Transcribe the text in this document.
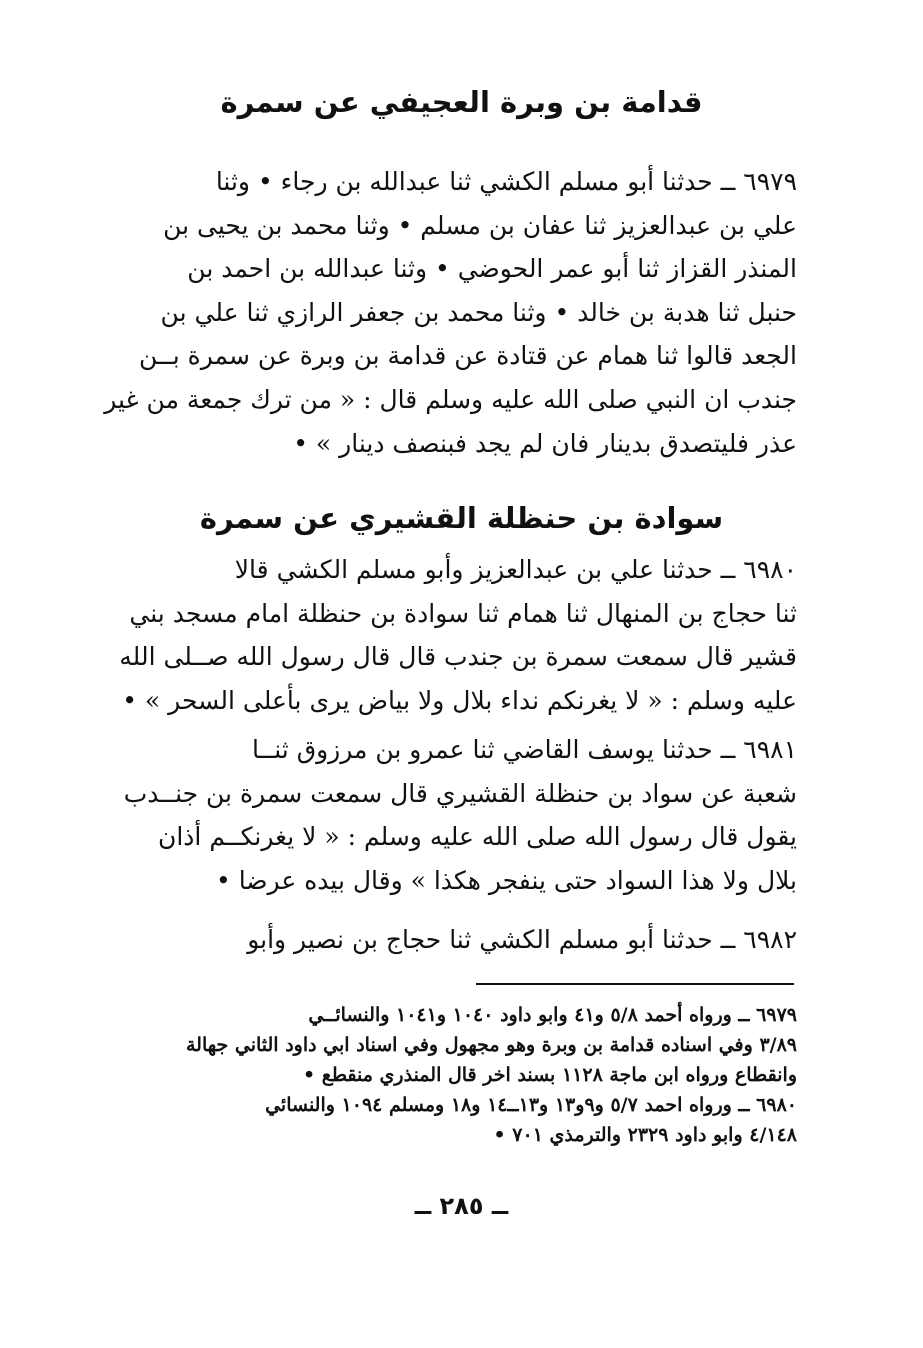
قدامة بن وبرة العجيفي عن سمرة
٦٩٧٩ ــ حدثنا أبو مسلم الكشي ثنا عبدالله بن رجاء • وثنا
علي بن عبدالعزيز ثنا عفان بن مسلم • وثنا محمد بن يحيى بن
المنذر القزاز ثنا أبو عمر الحوضي • وثنا عبدالله بن احمد بن
حنبل ثنا هدبة بن خالد • وثنا محمد بن جعفر الرازي ثنا علي بن
الجعد قالوا ثنا همام عن قتادة عن قدامة بن وبرة عن سمرة بــن
جندب ان النبي صلى الله عليه وسلم قال : « من ترك جمعة من غير
عذر فليتصدق بدينار فان لم يجد فبنصف دينار » •
سوادة بن حنظلة القشيري عن سمرة
٦٩٨٠ ــ حدثنا علي بن عبدالعزيز وأبو مسلم الكشي قالا
ثنا حجاج بن المنهال ثنا همام ثنا سوادة بن حنظلة امام مسجد بني
قشير قال سمعت سمرة بن جندب قال قال رسول الله صــلى الله
عليه وسلم : « لا يغرنكم نداء بلال ولا بياض يرى بأعلى السحر » •
٦٩٨١ ــ حدثنا يوسف القاضي ثنا عمرو بن مرزوق ثنــا
شعبة عن سواد بن حنظلة القشيري قال سمعت سمرة بن جنــدب
يقول قال رسول الله صلى الله عليه وسلم : « لا يغرنكــم أذان
بلال ولا هذا السواد حتى ينفجر هكذا » وقال بيده عرضا •
٦٩٨٢ ــ حدثنا أبو مسلم الكشي ثنا حجاج بن نصير وأبو
٦٩٧٩ ــ ورواه أحمد ٥/٨ و٤١ وابو داود ١٠٤٠ و١٠٤١ والنسائــي
٣/٨٩ وفي اسناده قدامة بن وبرة وهو مجهول وفي اسناد ابي داود الثاني جهالة
وانقطاع ورواه ابن ماجة ١١٢٨ بسند اخر قال المنذري منقطع •
٦٩٨٠ ــ ورواه احمد ٥/٧ و٩و١٣ و١٣ــ١٤ و١٨ ومسلم ١٠٩٤ والنسائي
٤/١٤٨ وابو داود ٢٣٢٩ والترمذي ٧٠١ •
ــ ٢٨٥ ــ
